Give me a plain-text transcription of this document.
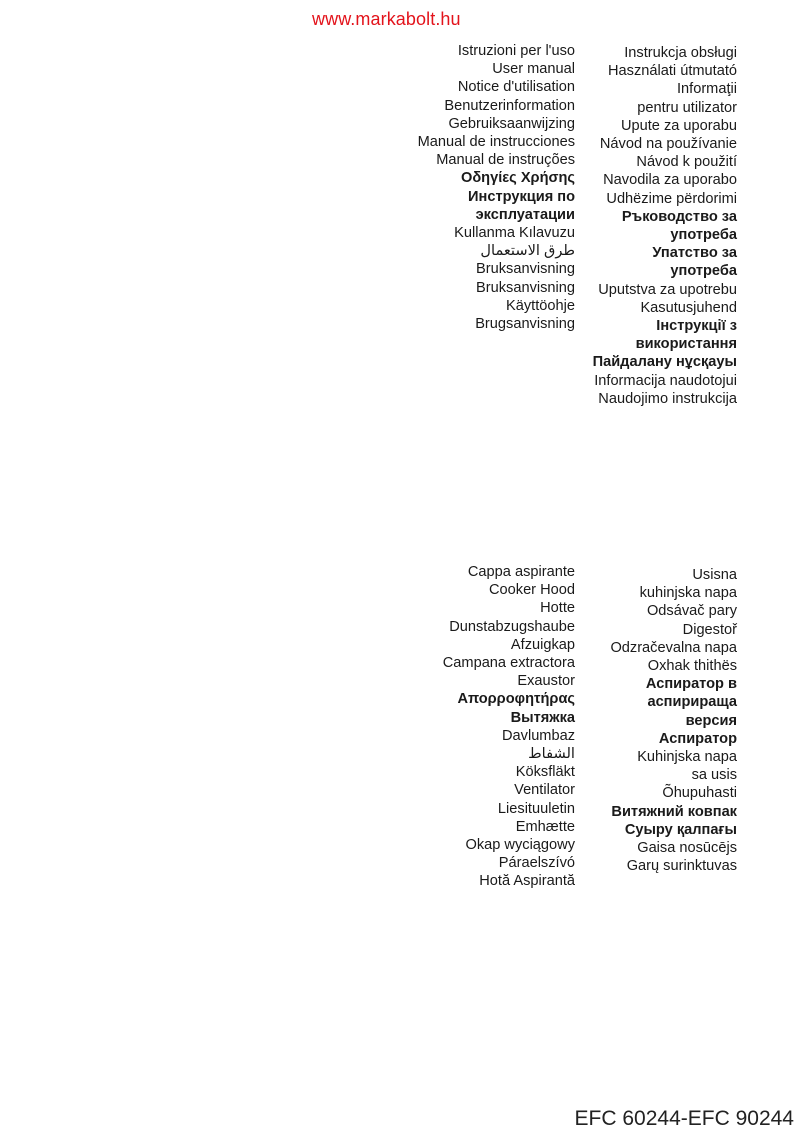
www.markabolt.hu
Istruzioni per l'uso
User manual
Notice d'utilisation
Benutzerinformation
Gebruiksaanwijzing
Manual de instrucciones
Manual de instruções
Οδηγίες Χρήσης
Инструкция по
эксплуатации
Kullanma Kılavuzu
طرق الاستعمال
Bruksanvisning
Bruksanvisning
Käyttöohje
Brugsanvisning
Instrukcja obsługi
Használati útmutató
Informaţii
pentru utilizator
Upute za uporabu
Návod na používanie
Návod k použití
Navodila za uporabo
Udhëzime përdorimi
Ръководство за
употреба
Упатство за
употреба
Uputstva za upotrebu
Kasutusjuhend
Інструкції з
використання
Пайдалану нұсқауы
Informacija naudotojui
Naudojimo instrukcija
Cappa aspirante
Cooker Hood
Hotte
Dunstabzugshaube
Afzuigkap
Campana extractora
Exaustor
Απορροφητήρας
Вытяжка
Davlumbaz
الشفاط
Köksfläkt
Ventilator
Liesituuletin
Emhætte
Okap wyciągowy
Páraelszívó
Hotă Aspirantă
Usisna
kuhinjska napa
Odsávač pary
Digestoř
Odzračevalna napa
Oxhak thithës
Аспиратор в
аспирираща
версия
Аспиратор
Kuhinjska napa
sa usis
Õhupuhasti
Витяжний ковпак
Суыру қалпағы
Gaisa nosūcējs
Garų surinktuvas
EFC 60244-EFC 90244
